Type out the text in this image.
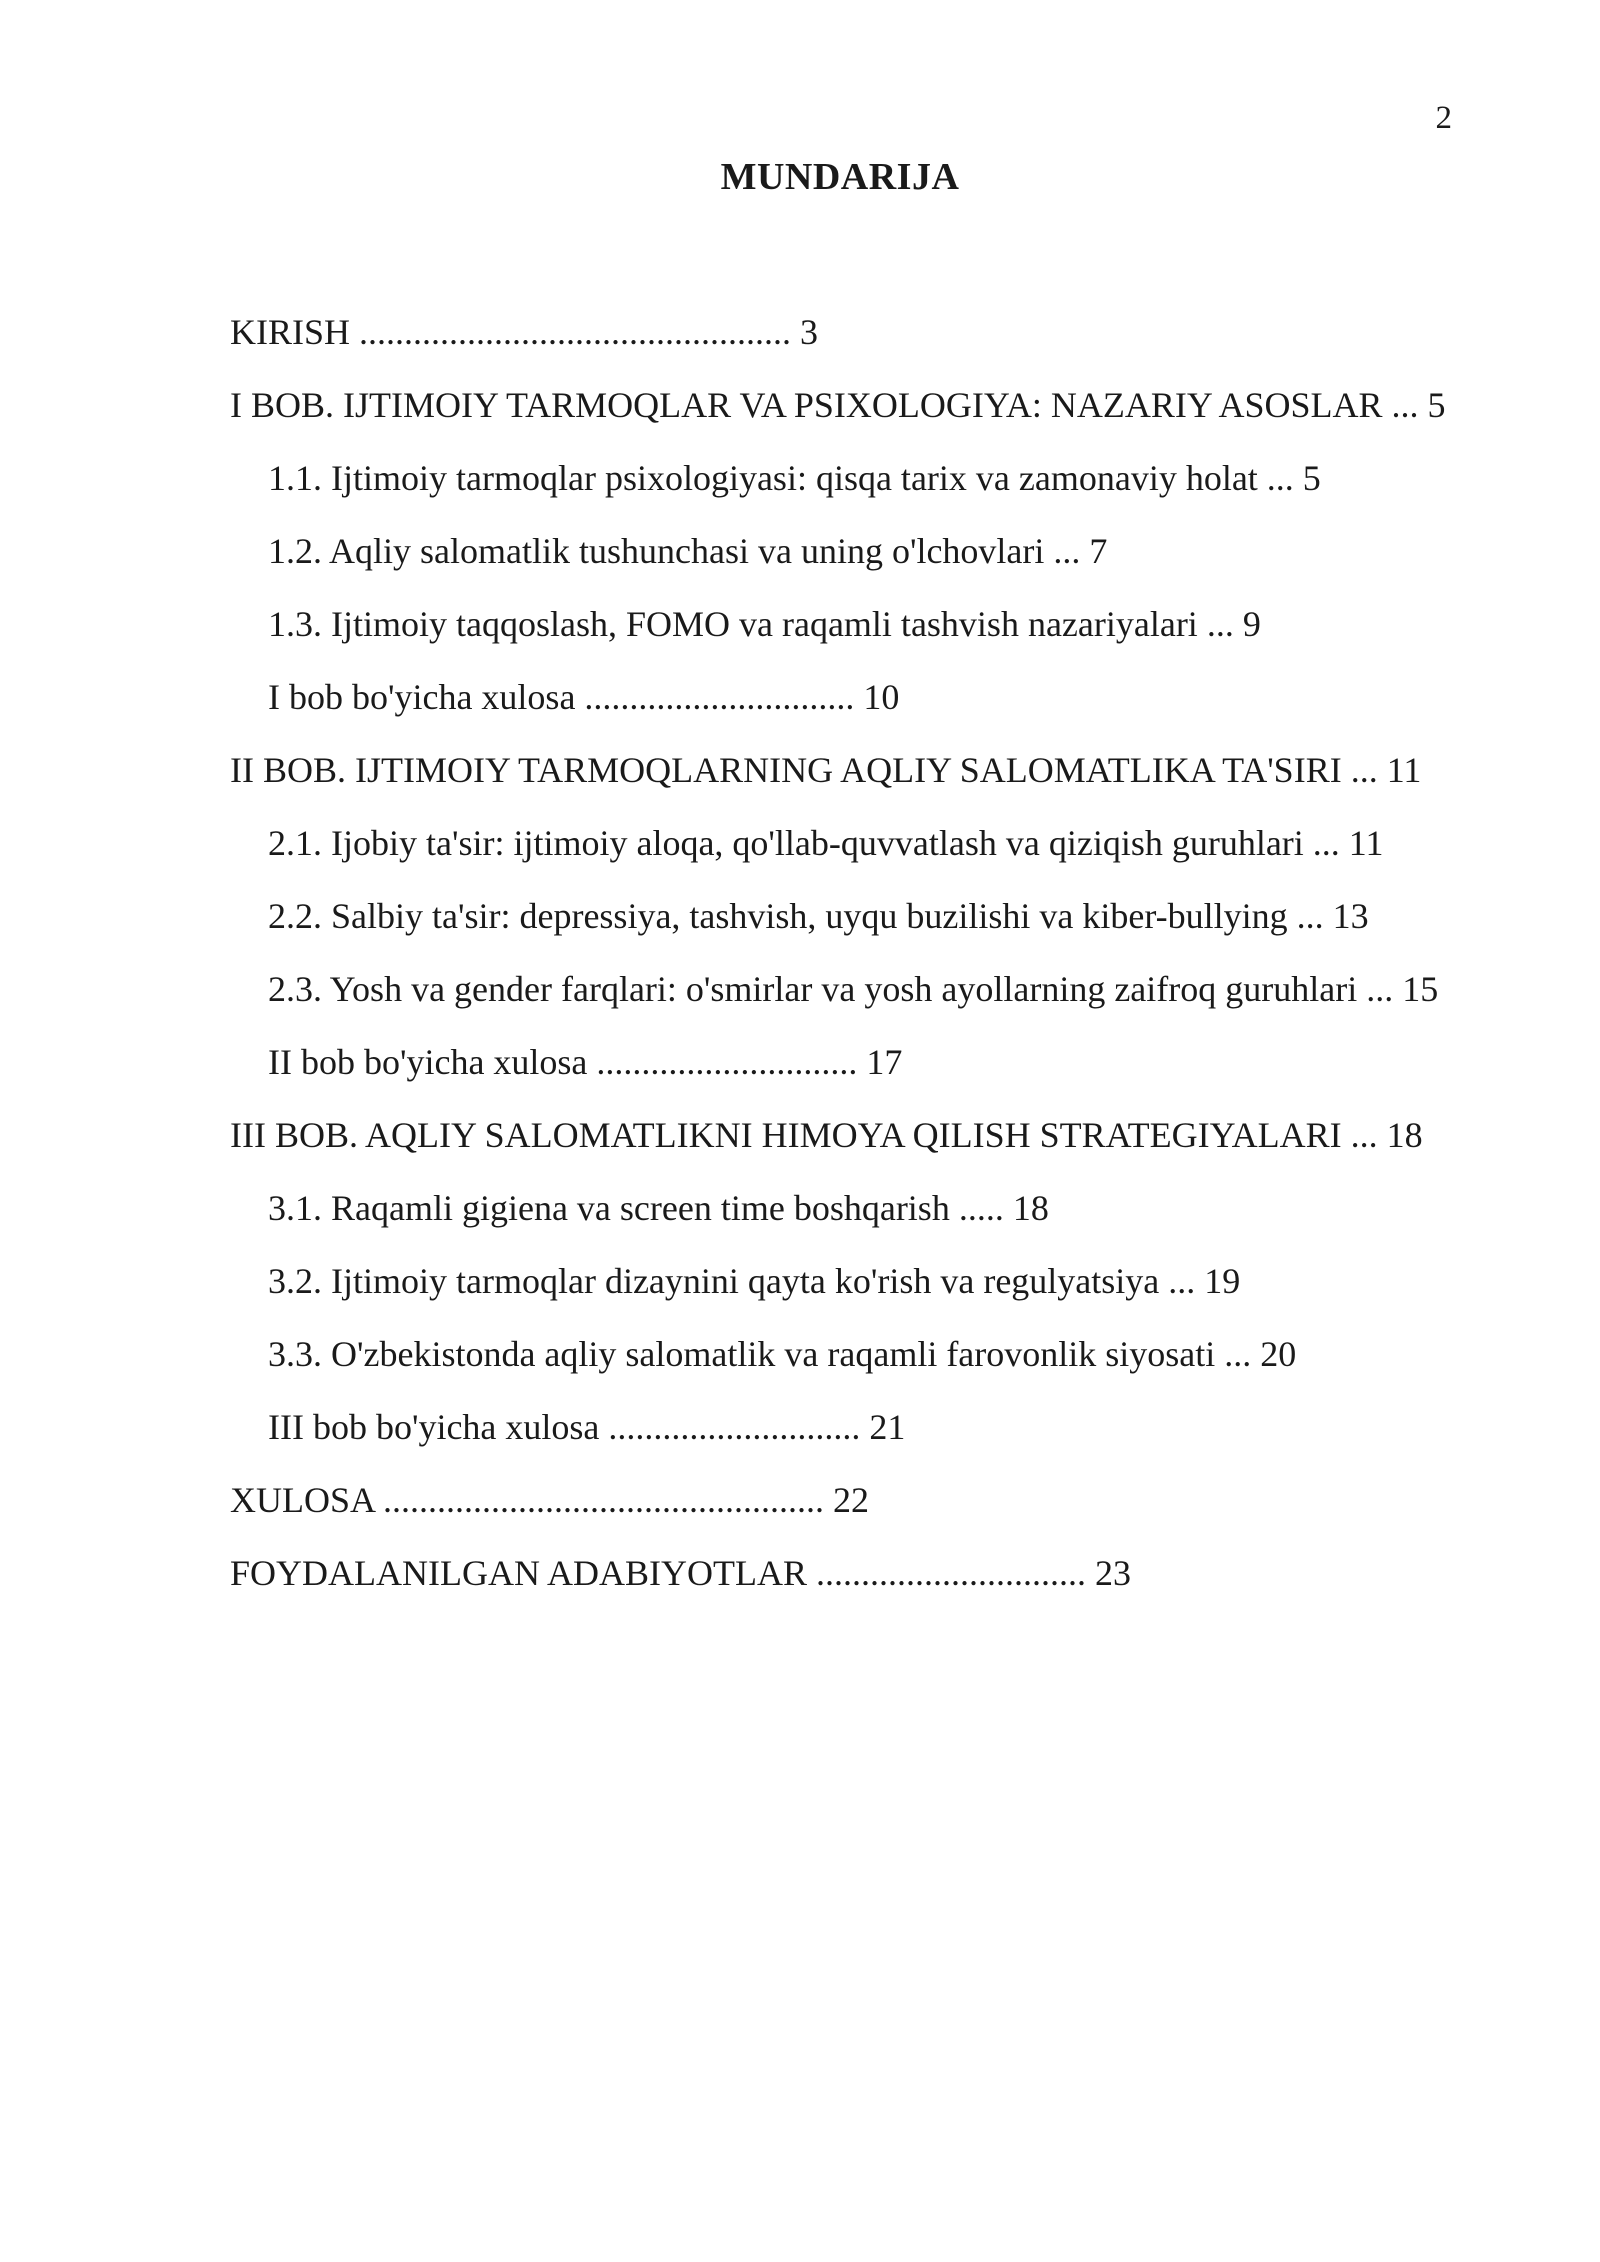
2
MUNDARIJA
KIRISH ................................................ 3
I BOB. IJTIMOIY TARMOQLAR VA PSIXOLOGIYA: NAZARIY ASOSLAR ... 5
1.1. Ijtimoiy tarmoqlar psixologiyasi: qisqa tarix va zamonaviy holat ... 5
1.2. Aqliy salomatlik tushunchasi va uning o'lchovlari ... 7
1.3. Ijtimoiy taqqoslash, FOMO va raqamli tashvish nazariyalari ... 9
I bob bo'yicha xulosa .............................. 10
II BOB. IJTIMOIY TARMOQLARNING AQLIY SALOMATLIKA TA'SIRI ... 11
2.1. Ijobiy ta'sir: ijtimoiy aloqa, qo'llab-quvvatlash va qiziqish guruhlari ... 11
2.2. Salbiy ta'sir: depressiya, tashvish, uyqu buzilishi va kiber-bullying ... 13
2.3. Yosh va gender farqlari: o'smirlar va yosh ayollarning zaifroq guruhlari ... 15
II bob bo'yicha xulosa ............................. 17
III BOB. AQLIY SALOMATLIKNI HIMOYA QILISH STRATEGIYALARI ... 18
3.1. Raqamli gigiena va screen time boshqarish ..... 18
3.2. Ijtimoiy tarmoqlar dizaynini qayta ko'rish va regulyatsiya ... 19
3.3. O'zbekistonda aqliy salomatlik va raqamli farovonlik siyosati ... 20
III bob bo'yicha xulosa ............................ 21
XULOSA ................................................. 22
FOYDALANILGAN ADABIYOTLAR .............................. 23
